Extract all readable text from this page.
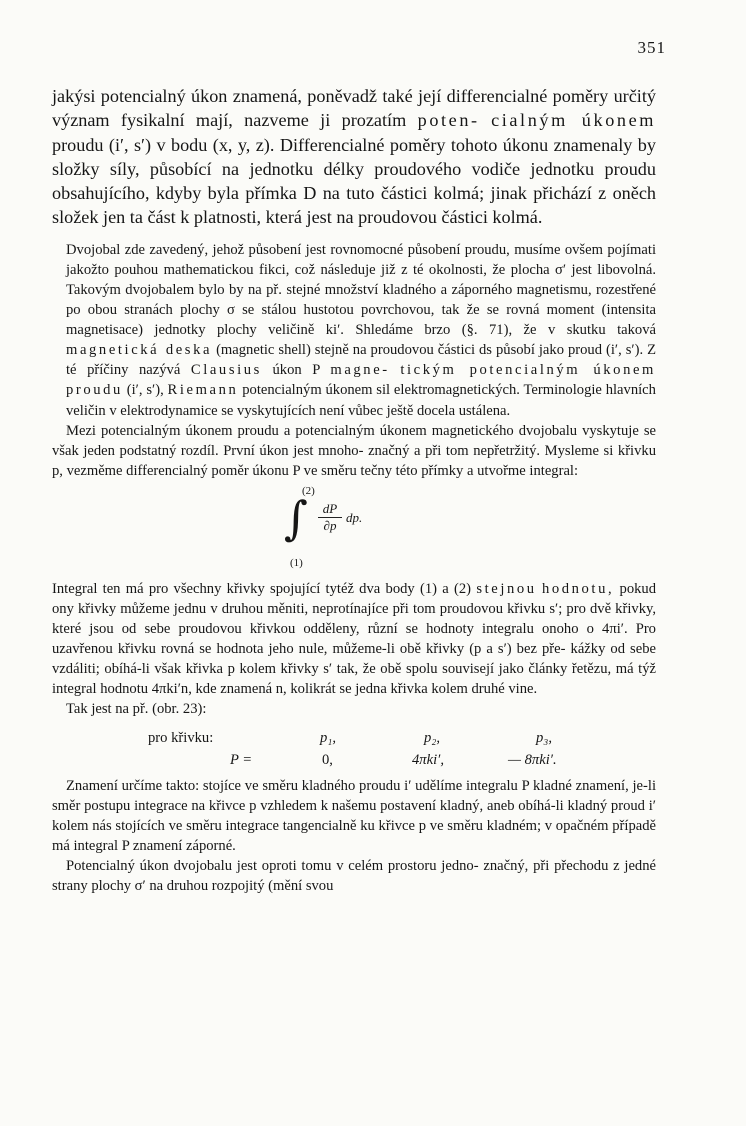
351

jakýsi potencialný úkon znamená, poněvadž také její differencialné poměry určitý význam fysikalní mají, nazveme ji prozatím poten- cialným úkonem proudu (i′, s′) v bodu (x, y, z). Differencialné poměry tohoto úkonu znamenaly by složky síly, působící na jednotku délky proudového vodiče jednotku proudu obsahujícího, kdyby byla přímka D na tuto částici kolmá; jinak přichází z oněch složek jen ta část k platnosti, která jest na proudovou částici kolmá.

Dvojobal zde zavedený, jehož působení jest rovnomocné působení proudu, musíme ovšem pojímati jakožto pouhou mathematickou fikci, což následuje již z té okolnosti, že plocha σ′ jest libovolná. Takovým dvojobalem bylo by na př. stejné množství kladného a záporného magnetismu, rozestřené po obou stranách plochy σ se stálou hustotou povrchovou, tak že se rovná moment (intensita magnetisace) jednotky plochy veličině ki′. Shledáme brzo (§. 71), že v skutku taková magnetická deska (magnetic shell) stejně na proudovou částici ds působí jako proud (i′, s′). Z té příčiny nazývá Clausius úkon P magne- tickým potencialným úkonem proudu (i′, s′), Riemann potencialným úkonem sil elektromagnetických. Terminologie hlavních veličin v elektrodynamice se vyskytujících není vůbec ještě docela ustálena.

Mezi potencialným úkonem proudu a potencialným úkonem magnetického dvojobalu vyskytuje se však jeden podstatný rozdíl. První úkon jest mnoho- značný a při tom nepřetržitý. Mysleme si křivku p, vezměme differencialný poměr úkonu P ve směru tečny této přímky a utvořme integral:

∫
(2)
(1)
$\frac{dP}{\partial p}$ dp.

Integral ten má pro všechny křivky spojující tytéž dva body (1) a (2) stejnou hodnotu, pokud ony křivky můžeme jednu v druhou měniti, neprotínajíce při tom proudovou křivku s′; pro dvě křivky, které jsou od sebe proudovou křivkou odděleny, různí se hodnoty integralu onoho o 4πi′. Pro uzavřenou křivku rovná se hodnota jeho nule, můžeme-li obě křivky (p a s′) bez pře- kážky od sebe vzdáliti; obíhá-li však křivka p kolem křivky s′ tak, že obě spolu souvisejí jako články řetězu, má týž integral hodnotu 4πki′n, kde znamená n, kolikrát se jedna křivka kolem druhé vine.

Tak jest na př. (obr. 23):

pro křivku:	p₁,	p₂,	p₃,
P =	0,	4πki′,	— 8πki′.

Znamení určíme takto: stojíce ve směru kladného proudu i′ udělíme integralu P kladné znamení, je-li směr postupu integrace na křivce p vzhledem k našemu postavení kladný, aneb obíhá-li kladný proud i′ kolem nás stojících ve směru integrace tangencialně ku křivce p ve směru kladném; v opačném případě má integral P znamení záporné.

Potencialný úkon dvojobalu jest oproti tomu v celém prostoru jedno- značný, při přechodu z jedné strany plochy σ′ na druhou rozpojitý (mění svou
